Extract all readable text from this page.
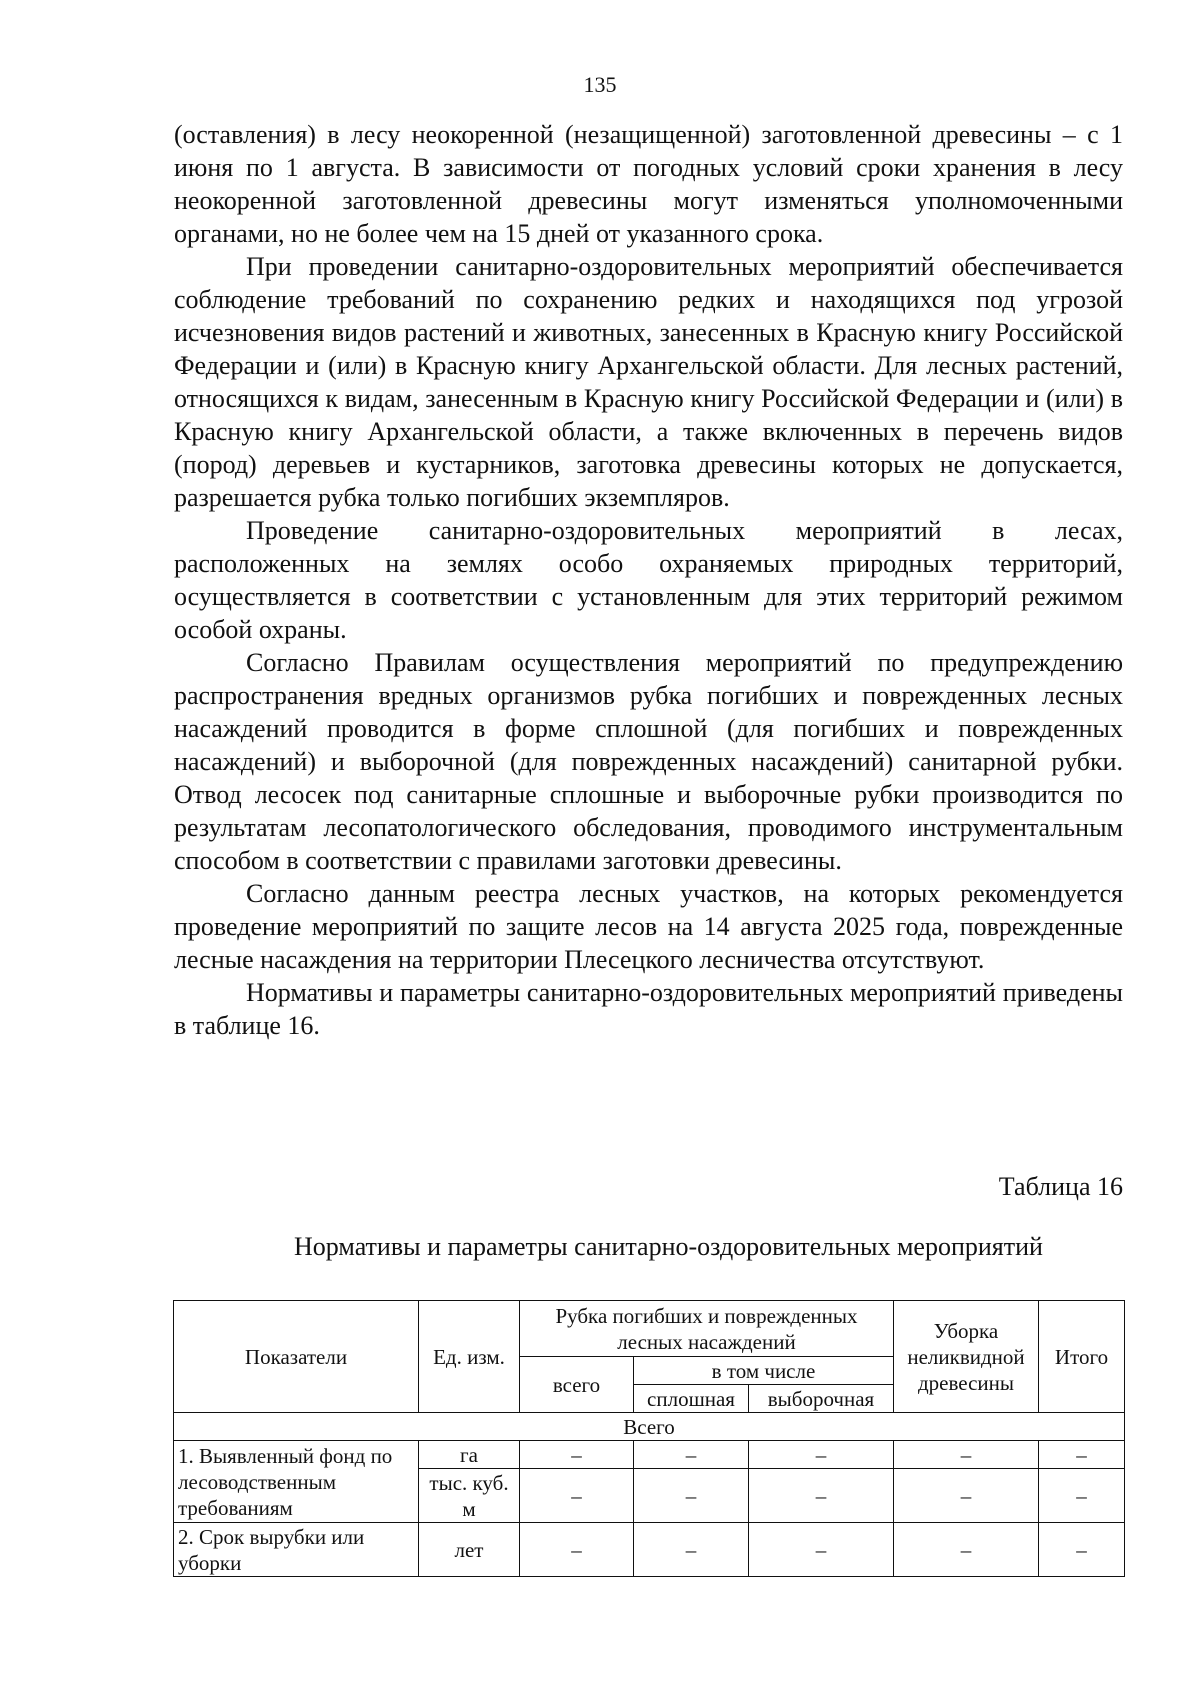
135

(оставления) в лесу неокоренной (незащищенной) заготовленной древесины – с 1 июня по 1 августа. В зависимости от погодных условий сроки хранения в лесу неокоренной заготовленной древесины могут изменяться уполномоченными органами, но не более чем на 15 дней от указанного срока.

При проведении санитарно-оздоровительных мероприятий обеспечивается соблюдение требований по сохранению редких и находящихся под угрозой исчезновения видов растений и животных, занесенных в Красную книгу Российской Федерации и (или) в Красную книгу Архангельской области. Для лесных растений, относящихся к видам, занесенным в Красную книгу Российской Федерации и (или) в Красную книгу Архангельской области, а также включенных в перечень видов (пород) деревьев и кустарников, заготовка древесины которых не допускается, разрешается рубка только погибших экземпляров.

Проведение санитарно-оздоровительных мероприятий в лесах, расположенных на землях особо охраняемых природных территорий, осуществляется в соответствии с установленным для этих территорий режимом особой охраны.

Согласно Правилам осуществления мероприятий по предупреждению распространения вредных организмов рубка погибших и поврежденных лесных насаждений проводится в форме сплошной (для погибших и поврежденных насаждений) и выборочной (для поврежденных насаждений) санитарной рубки. Отвод лесосек под санитарные сплошные и выборочные рубки производится по результатам лесопатологического обследования, проводимого инструментальным способом в соответствии с правилами заготовки древесины.

Согласно данным реестра лесных участков, на которых рекомендуется проведение мероприятий по защите лесов на 14 августа 2025 года, поврежденные лесные насаждения на территории Плесецкого лесничества отсутствуют.

Нормативы и параметры санитарно-оздоровительных мероприятий приведены в таблице 16.

Таблица 16
Нормативы и параметры санитарно-оздоровительных мероприятий
Показатели	Ед. изм.	Рубка погибших и поврежденных лесных насаждений			Уборка неликвидной древесины	Итого
		всего	в том числе			
			сплошная	выборочная		
Всего						
1. Выявленный фонд по лесоводственным требованиям	га	–	–	–	–	–
	тыс. куб. м	–	–	–	–	–
2. Срок вырубки или уборки	лет	–	–	–	–	–
